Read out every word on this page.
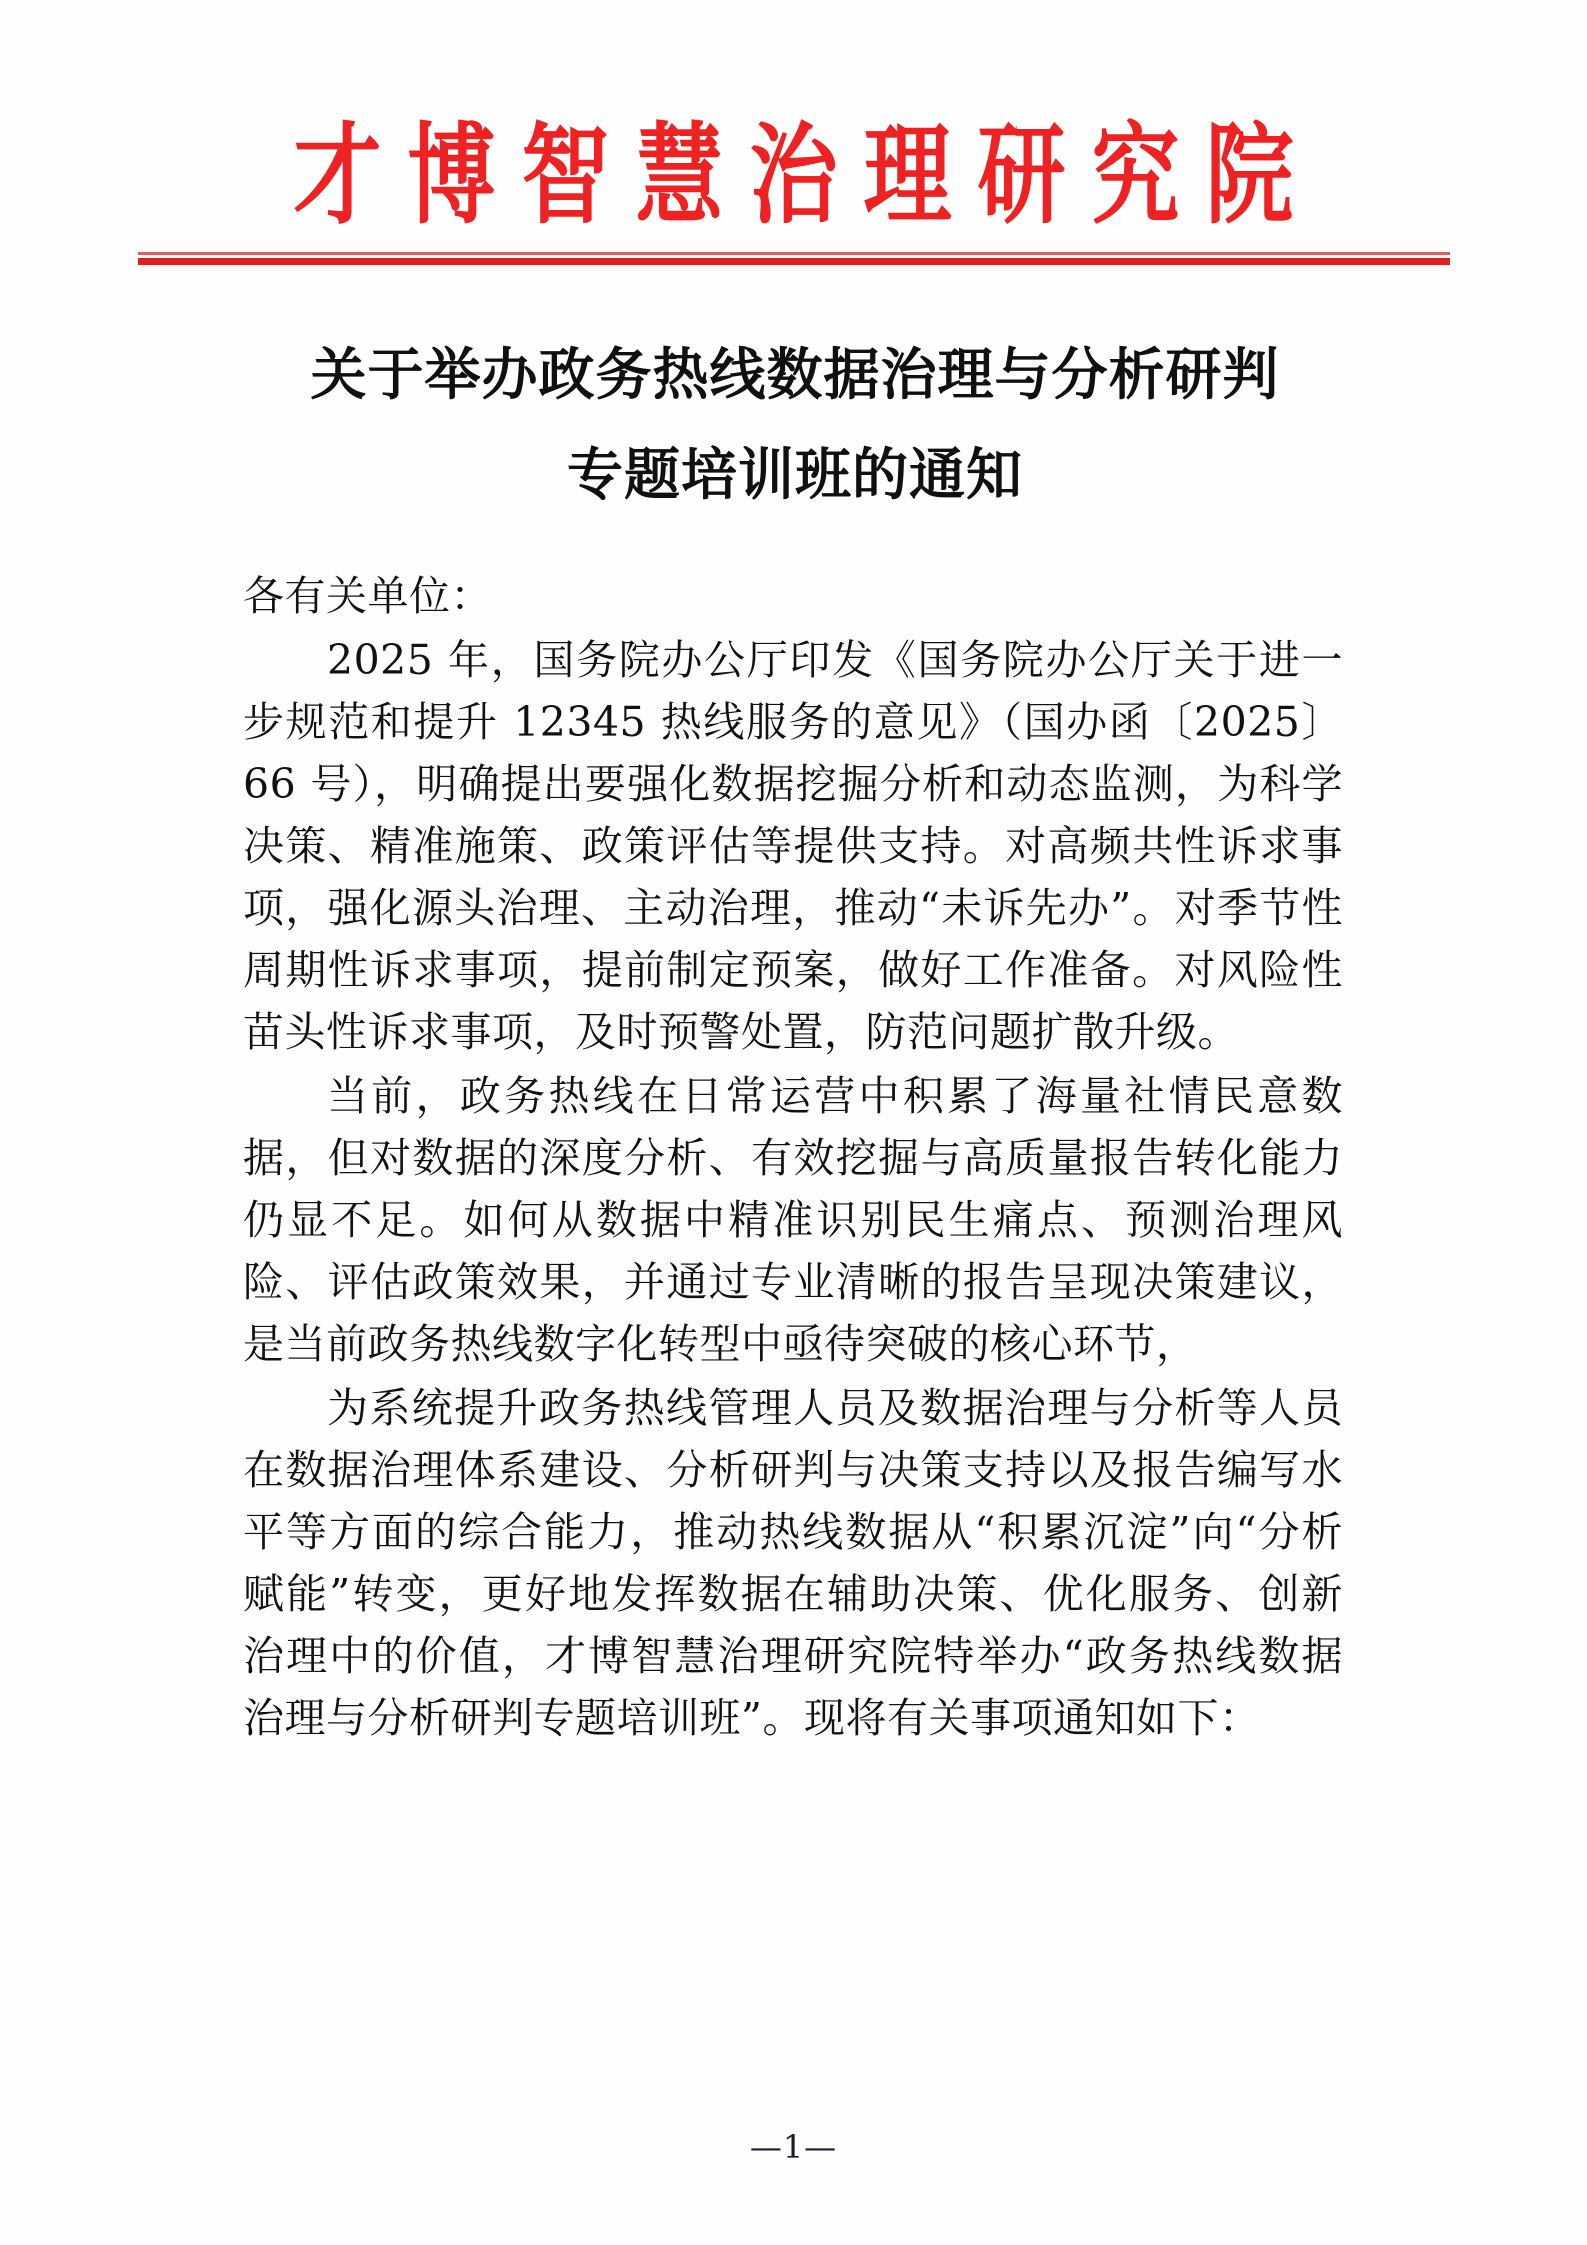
才博智慧治理研究院
关于举办政务热线数据治理与分析研判
专题培训班的通知

各有关单位：

2025 年，国务院办公厅印发《国务院办公厅关于进一步规范和提升 12345 热线服务的意见》（国办函〔2025〕66 号），明确提出要强化数据挖掘分析和动态监测，为科学决策、精准施策、政策评估等提供支持。对高频共性诉求事项，强化源头治理、主动治理，推动“未诉先办”。对季节性周期性诉求事项，提前制定预案，做好工作准备。对风险性苗头性诉求事项，及时预警处置，防范问题扩散升级。

当前，政务热线在日常运营中积累了海量社情民意数据，但对数据的深度分析、有效挖掘与高质量报告转化能力仍显不足。如何从数据中精准识别民生痛点、预测治理风险、评估政策效果，并通过专业清晰的报告呈现决策建议，是当前政务热线数字化转型中亟待突破的核心环节，

为系统提升政务热线管理人员及数据治理与分析等人员在数据治理体系建设、分析研判与决策支持以及报告编写水平等方面的综合能力，推动热线数据从“积累沉淀”向“分析赋能”转变，更好地发挥数据在辅助决策、优化服务、创新治理中的价值，才博智慧治理研究院特举办“政务热线数据治理与分析研判专题培训班”。现将有关事项通知如下：

—1—
